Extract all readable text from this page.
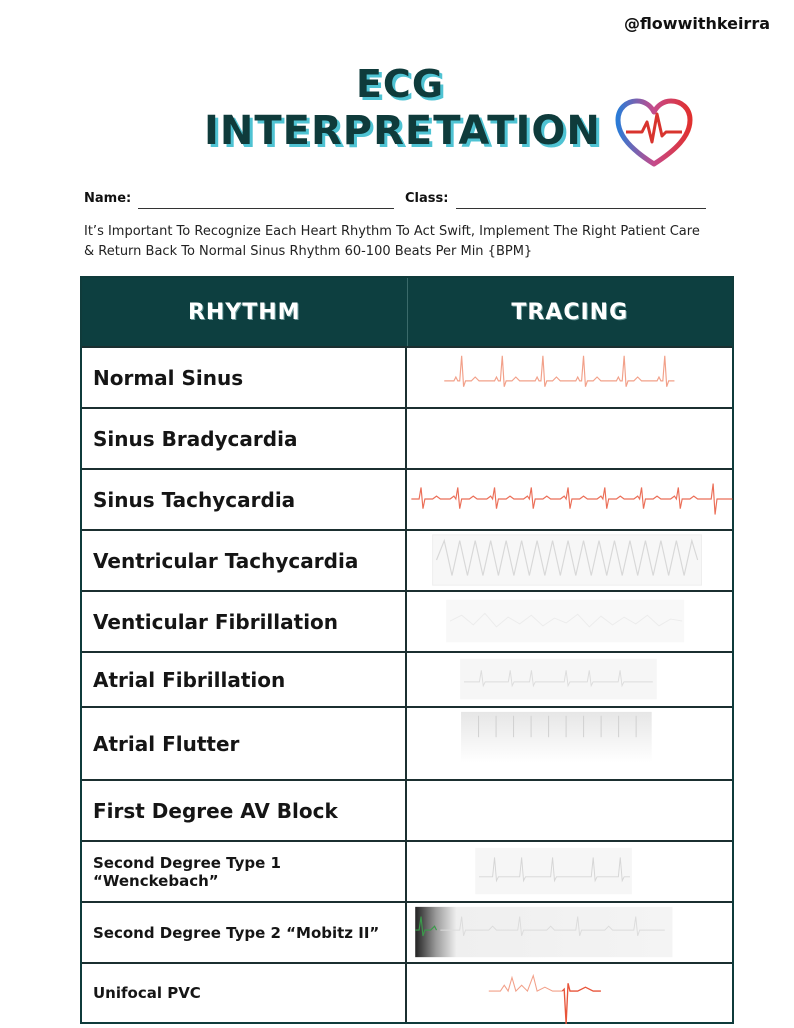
@flowwithkeirra
ECG
INTERPRETATION
Name:	Class:
It’s Important To Recognize Each Heart Rhythm To Act Swift, Implement The Right Patient Care & Return Back To Normal Sinus Rhythm 60-100 Beats Per Min {BPM}
RHYTHM	TRACING
Normal Sinus
Sinus Bradycardia
Sinus Tachycardia
Ventricular Tachycardia
Venticular Fibrillation
Atrial Fibrillation
Atrial Flutter
First Degree AV Block
Second Degree Type 1 “Wenckebach”
Second Degree Type 2 “Mobitz II”
Unifocal PVC
